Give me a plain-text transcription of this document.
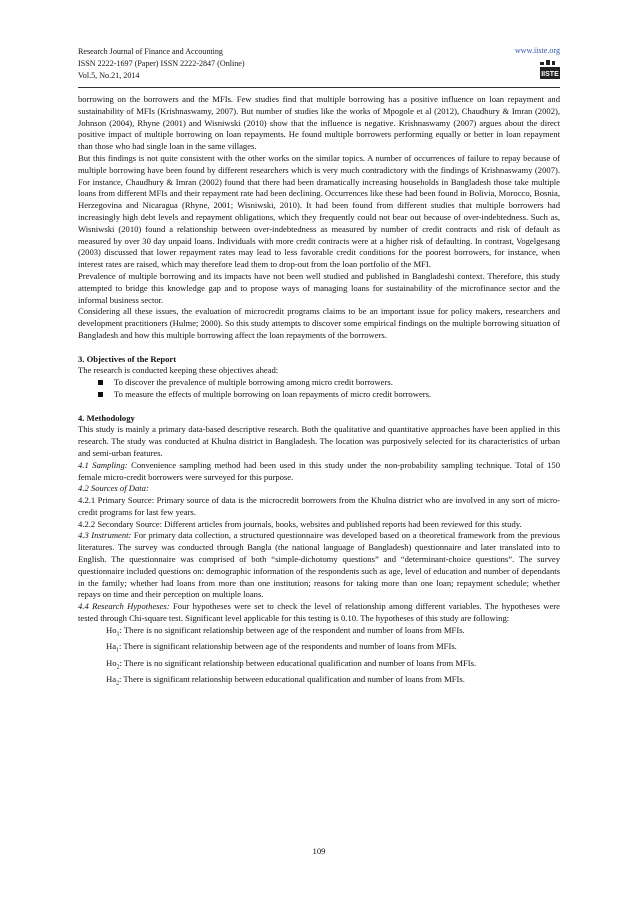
Research Journal of Finance and Accounting
ISSN 2222-1697 (Paper) ISSN 2222-2847 (Online)
Vol.5, No.21, 2014
www.iiste.org
IISTE

borrowing on the borrowers and the MFIs. Few studies find that multiple borrowing has a positive influence on loan repayment and sustainability of MFIs (Krishnaswamy, 2007). But number of studies like the works of Mpogole et al (2012), Chaudhury & Imran (2002), Johnson (2004), Rhyne (2001) and Wisniwski (2010) show that the influence is negative. Krishnaswamy (2007) argues about the direct positive impact of multiple borrowing on loan repayments. He found multiple borrowers performing equally or better in loan repayment than those who had single loan in the same villages.

But this findings is not quite consistent with the other works on the similar topics. A number of occurrences of failure to repay because of multiple borrowing have been found by different researchers which is very much contradictory with the findings of Krishnaswamy (2007). For instance, Chaudhury & Imran (2002) found that there had been dramatically increasing households in Bangladesh those take multiple loans from different MFIs and their repayment rate had been declining. Occurrences like these had been found in Bolivia, Morocco, Bosnia, Herzegovina and Nicaragua (Rhyne, 2001; Wisniwski, 2010). It had been found from different studies that multiple borrowers had increasingly high debt levels and repayment obligations, which they frequently could not bear out because of over-indebtedness. Such as, Wisniwski (2010) found a relationship between over-indebtedness as measured by number of credit contracts and risk of default as measured by over 30 day unpaid loans. Individuals with more credit contracts were at a higher risk of defaulting. In contrast, Vogelgesang (2003) discussed that lower repayment rates may lead to less favorable credit conditions for the poorest borrowers, for instance, when interest rates are raised, which may therefore lead them to drop-out from the loan portfolio of the MFI.

Prevalence of multiple borrowing and its impacts have not been well studied and published in Bangladeshi context. Therefore, this study attempted to bridge this knowledge gap and to propose ways of managing loans for sustainability of the microfinance sector and the informal business sector.

Considering all these issues, the evaluation of microcredit programs claims to be an important issue for policy makers, researchers and development practitioners (Hulme; 2000). So this study attempts to discover some empirical findings on the multiple borrowing situation of Bangladesh and how this multiple borrowing affect the loan repayments of the borrowers.

3. Objectives of the Report

The research is conducted keeping these objectives ahead:

To discover the prevalence of multiple borrowing among micro credit borrowers.
To measure the effects of multiple borrowing on loan repayments of micro credit borrowers.

4. Methodology

This study is mainly a primary data-based descriptive research. Both the qualitative and quantitative approaches have been applied in this research. The study was conducted at Khulna district in Bangladesh. The location was purposively selected for its characteristics of urban and semi-urban features.

4.1 Sampling: Convenience sampling method had been used in this study under the non-probability sampling technique. Total of 150 female micro-credit borrowers were surveyed for this purpose.

4.2 Sources of Data:

4.2.1 Primary Source: Primary source of data is the microcredit borrowers from the Khulna district who are involved in any sort of micro-credit programs for last few years.

4.2.2 Secondary Source: Different articles from journals, books, websites and published reports had been reviewed for this study.

4.3 Instrument: For primary data collection, a structured questionnaire was developed based on a theoretical framework from the previous literatures. The survey was conducted through Bangla (the national language of Bangladesh) questionnaire and later translated into to English. The questionnaire was comprised of both “simple-dichotomy questions” and “determinant-choice questions”. The survey questionnaire included questions on: demographic information of the respondents such as age, level of education and number of dependants in the family; whether had loans from more than one institution; reasons for taking more than one loan; repayment schedule; whether repays on time and their perception on multiple loans.

4.4 Research Hypotheses: Four hypotheses were set to check the level of relationship among different variables. The hypotheses were tested through Chi-square test. Significant level applicable for this testing is 0.10. The hypotheses of this study are following:

$Ho_1$: There is no significant relationship between age of the respondent and number of loans from MFIs.

$Ha_1$: There is significant relationship between age of the respondents and number of loans from MFIs.

$Ho_2$: There is no significant relationship between educational qualification and number of loans from MFIs.

$Ha_2$: There is significant relationship between educational qualification and number of loans from MFIs.

109
